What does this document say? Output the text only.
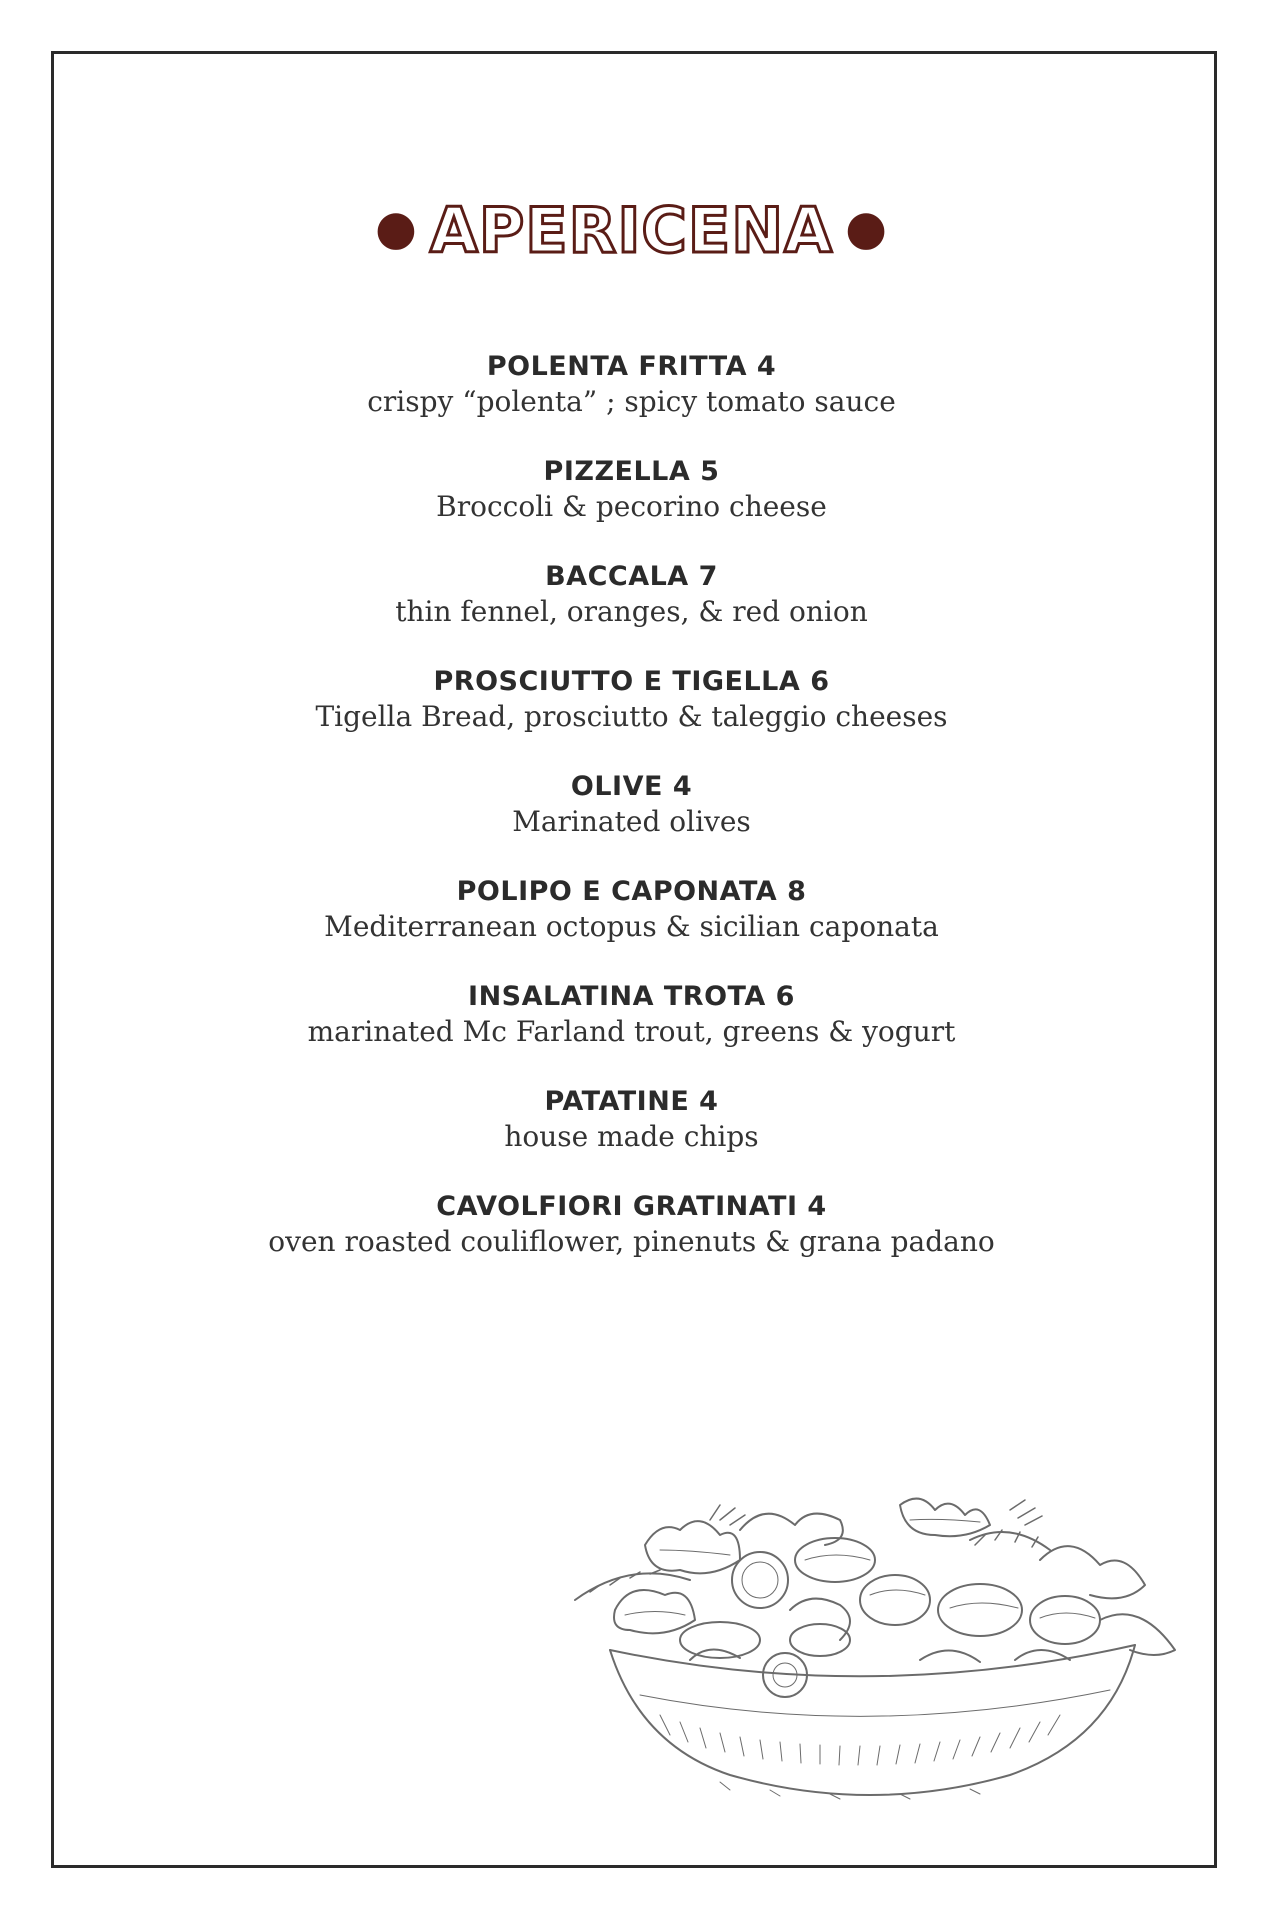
● APERICENA ●
POLENTA FRITTA 4
crispy “polenta” ; spicy tomato sauce
PIZZELLA 5
Broccoli & pecorino cheese
BACCALA 7
thin fennel, oranges, & red onion
PROSCIUTTO E TIGELLA 6
Tigella Bread, prosciutto & taleggio cheeses
OLIVE 4
Marinated olives
POLIPO E CAPONATA 8
Mediterranean octopus & sicilian caponata
INSALATINA TROTA 6
marinated Mc Farland trout, greens & yogurt
PATATINE 4
house made chips
CAVOLFIORI GRATINATI 4
oven roasted couliflower, pinenuts & grana padano
